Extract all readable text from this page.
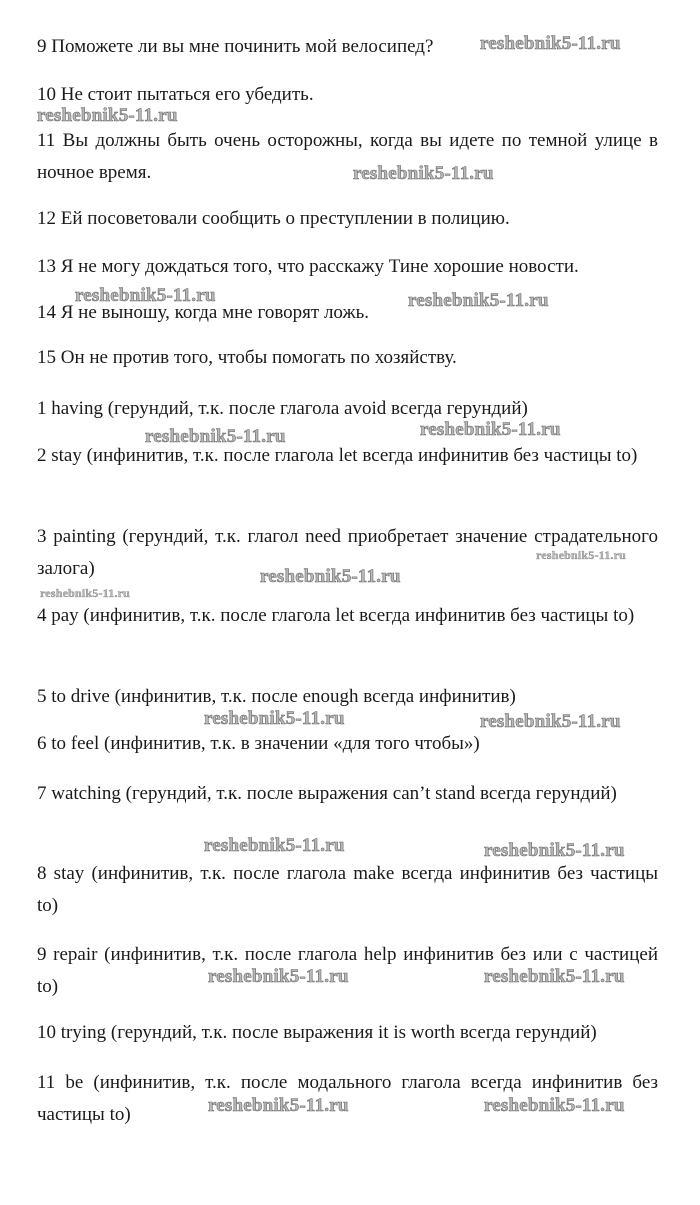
9 Поможете ли вы мне починить мой велосипед?

10 Не стоит пытаться его убедить.

11 Вы должны быть очень осторожны, когда вы идете по темной улице в ночное время.

12 Ей посоветовали сообщить о преступлении в полицию.

13 Я не могу дождаться того, что расскажу Тине хорошие новости.

14 Я не выношу, когда мне говорят ложь.

15 Он не против того, чтобы помогать по хозяйству.

1 having (герундий, т.к. после глагола avoid всегда герундий)

2 stay (инфинитив, т.к. после глагола let всегда инфинитив без частицы to)

3 painting (герундий, т.к. глагол need приобретает значение страдательного залога)

4 pay (инфинитив, т.к. после глагола let всегда инфинитив без частицы to)

5 to drive (инфинитив, т.к. после enough всегда инфинитив)

6 to feel (инфинитив, т.к. в значении «для того чтобы»)

7 watching (герундий, т.к. после выражения can’t stand всегда герундий)

8 stay (инфинитив, т.к. после глагола make всегда инфинитив без частицы to)

9 repair (инфинитив, т.к. после глагола help инфинитив без или с частицей to)

10 trying (герундий, т.к. после выражения it is worth всегда герундий)

11 be (инфинитив, т.к. после модального глагола всегда инфинитив без частицы to)

reshebnik5-11.ru
reshebnik5-11.ru
reshebnik5-11.ru
reshebnik5-11.ru	reshebnik5-11.ru
reshebnik5-11.ru	reshebnik5-11.ru
reshebnik5-11.ru
reshebnik5-11.ru
reshebnik5-11.ru
reshebnik5-11.ru	reshebnik5-11.ru
reshebnik5-11.ru	reshebnik5-11.ru
reshebnik5-11.ru	reshebnik5-11.ru
reshebnik5-11.ru	reshebnik5-11.ru
